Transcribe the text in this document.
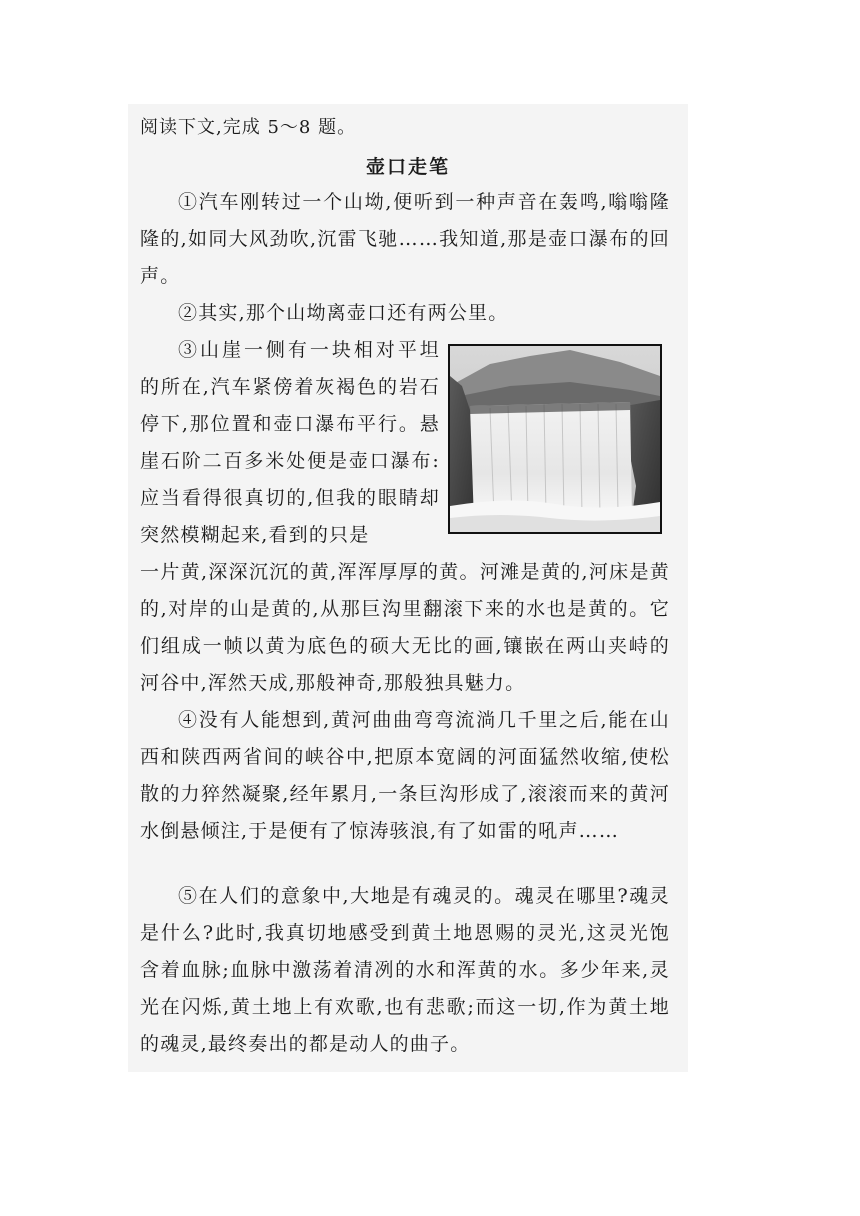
阅读下文,完成 5～8 题。
壶口走笔
①汽车刚转过一个山坳,便听到一种声音在轰鸣,嗡嗡隆隆的,如同大风劲吹,沉雷飞驰……我知道,那是壶口瀑布的回声。
②其实,那个山坳离壶口还有两公里。
③山崖一侧有一块相对平坦的所在,汽车紧傍着灰褐色的岩石停下,那位置和壶口瀑布平行。悬崖石阶二百多米处便是壶口瀑布:应当看得很真切的,但我的眼睛却突然模糊起来,看到的只是
一片黄,深深沉沉的黄,浑浑厚厚的黄。河滩是黄的,河床是黄的,对岸的山是黄的,从那巨沟里翻滚下来的水也是黄的。它们组成一帧以黄为底色的硕大无比的画,镶嵌在两山夹峙的河谷中,浑然天成,那般神奇,那般独具魅力。
④没有人能想到,黄河曲曲弯弯流淌几千里之后,能在山西和陕西两省间的峡谷中,把原本宽阔的河面猛然收缩,使松散的力猝然凝聚,经年累月,一条巨沟形成了,滚滚而来的黄河水倒悬倾注,于是便有了惊涛骇浪,有了如雷的吼声……
⑤在人们的意象中,大地是有魂灵的。魂灵在哪里?魂灵是什么?此时,我真切地感受到黄土地恩赐的灵光,这灵光饱含着血脉;血脉中激荡着清冽的水和浑黄的水。多少年来,灵光在闪烁,黄土地上有欢歌,也有悲歌;而这一切,作为黄土地的魂灵,最终奏出的都是动人的曲子。
